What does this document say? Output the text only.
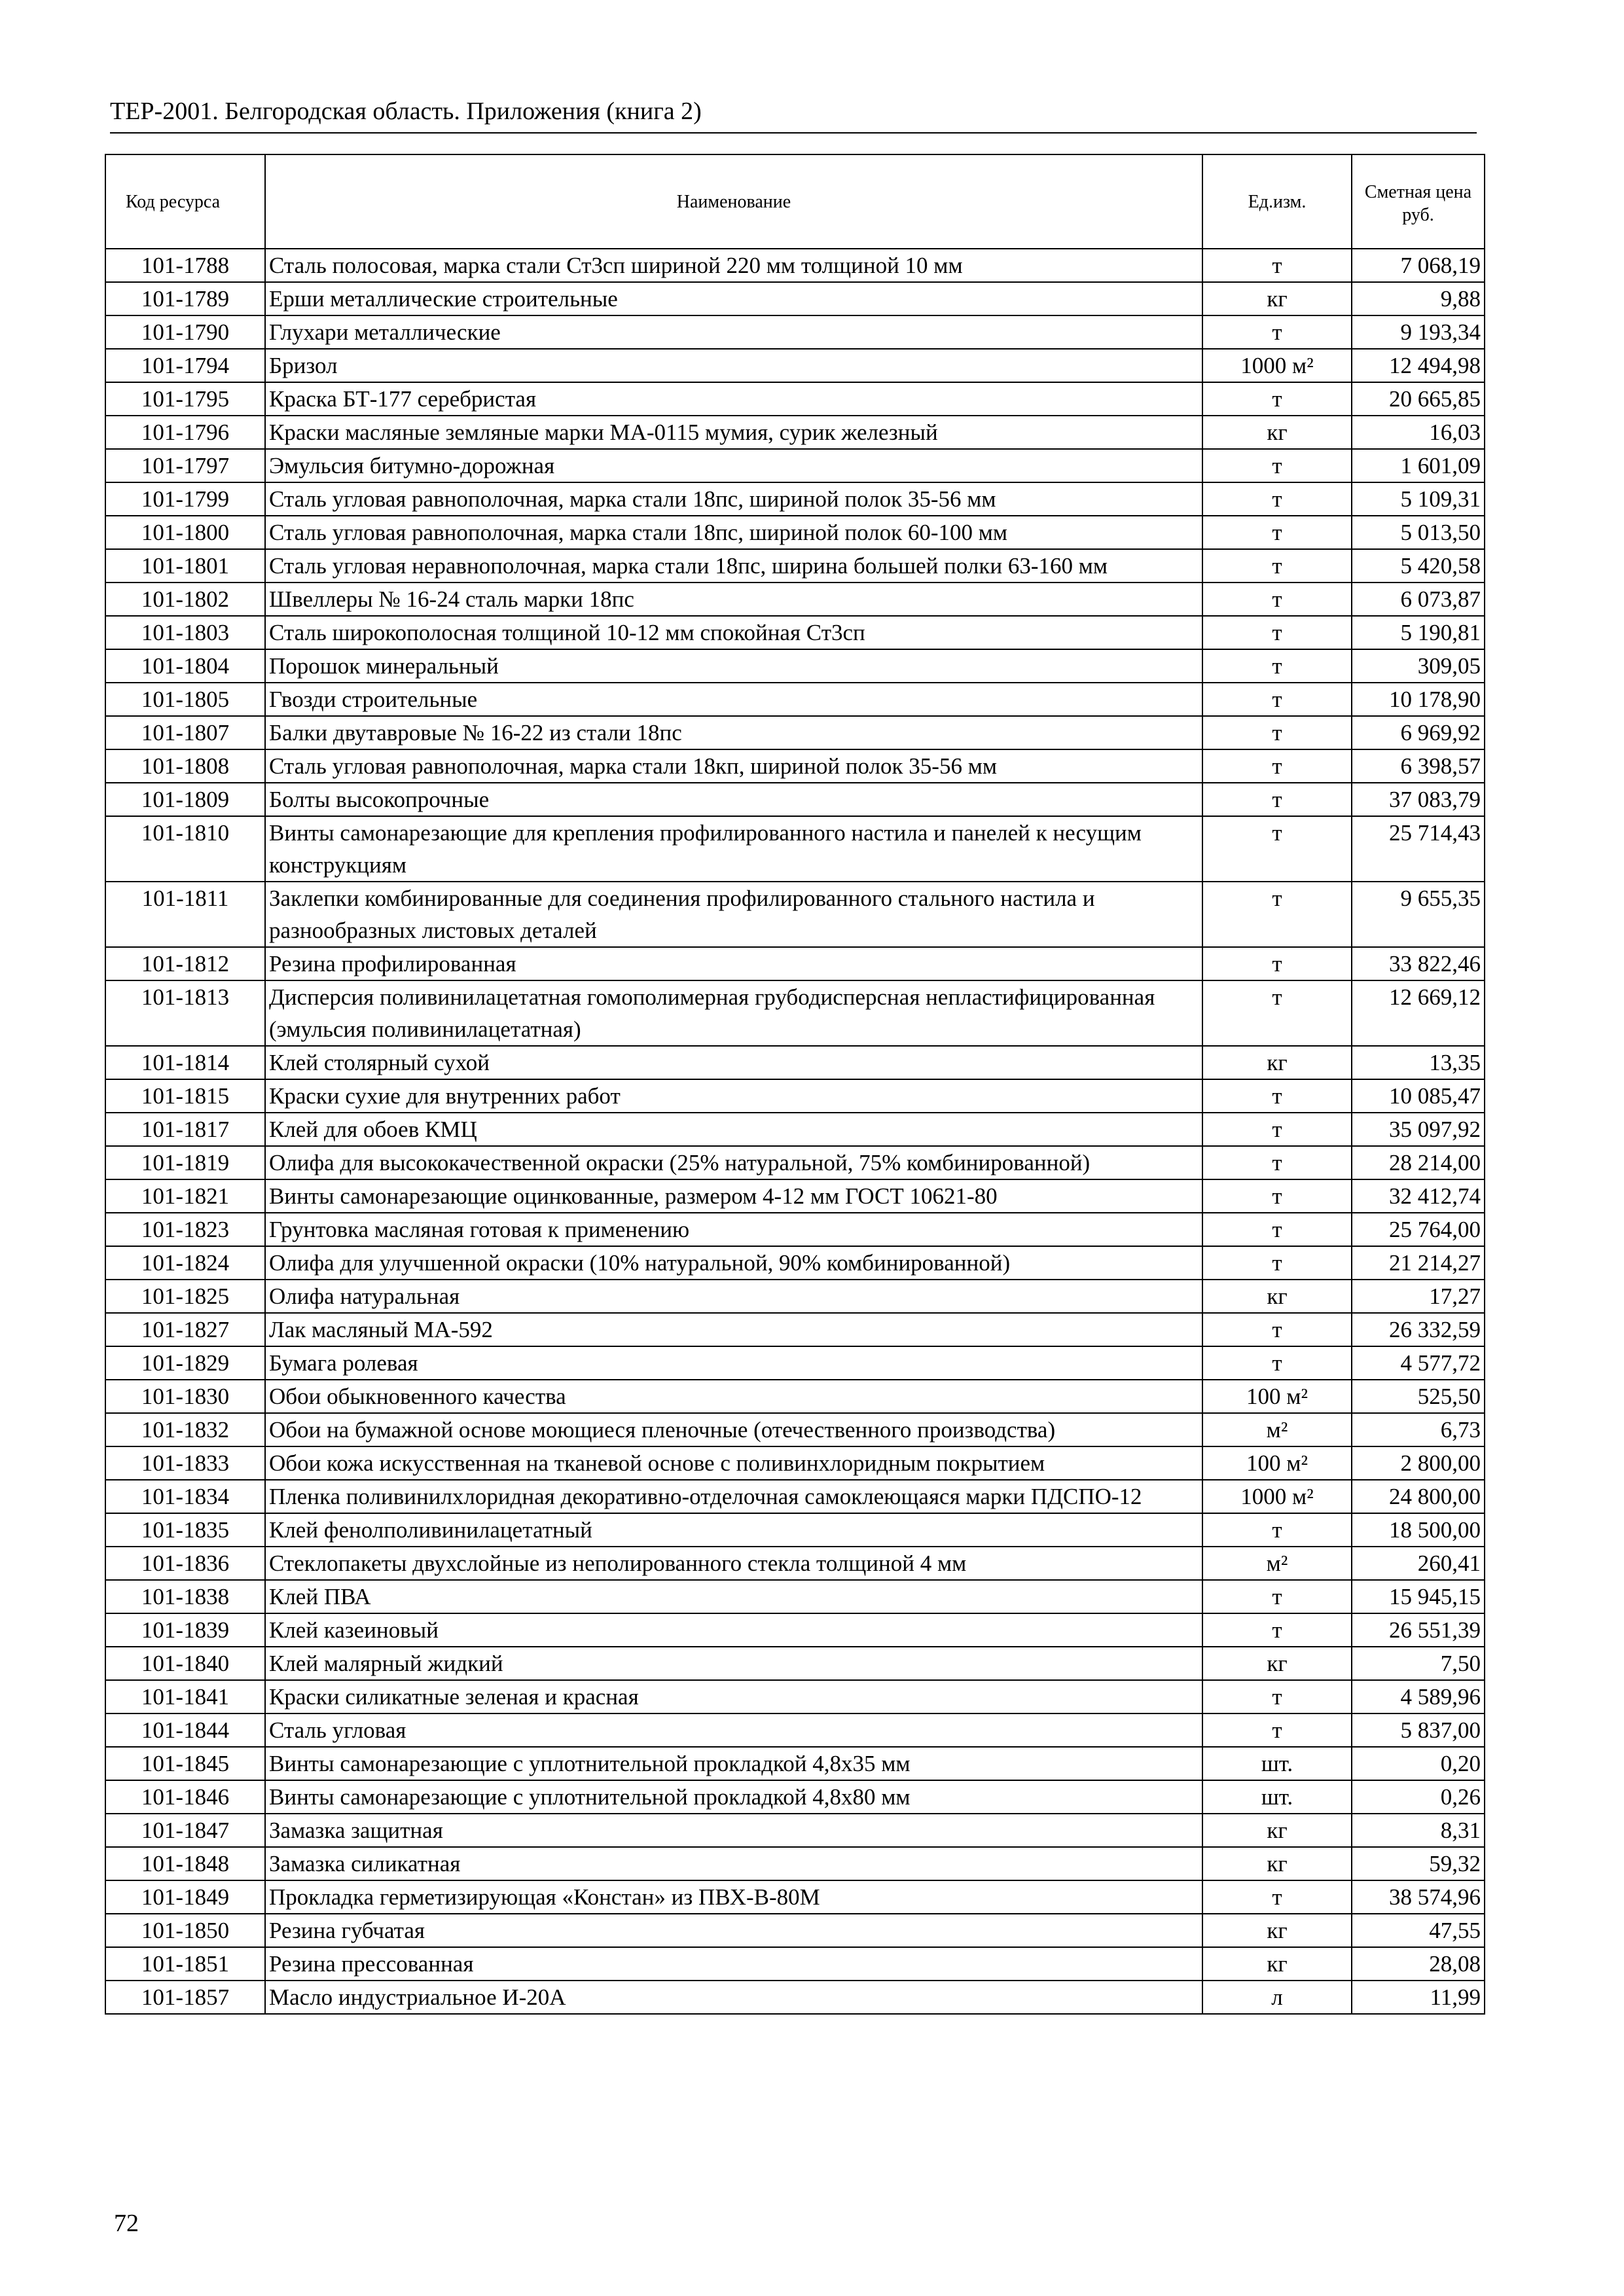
ТЕР-2001. Белгородская область. Приложения (книга 2)
Код ресурса	Наименование	Ед.изм.	Сметная цена руб.
101-1788	Сталь полосовая, марка стали Ст3сп шириной 220 мм толщиной 10 мм	т	7 068,19
101-1789	Ерши металлические строительные	кг	9,88
101-1790	Глухари металлические	т	9 193,34
101-1794	Бризол	1000 м²	12 494,98
101-1795	Краска БТ-177 серебристая	т	20 665,85
101-1796	Краски масляные земляные марки МА-0115 мумия, сурик железный	кг	16,03
101-1797	Эмульсия битумно-дорожная	т	1 601,09
101-1799	Сталь угловая равнополочная, марка стали 18пс, шириной полок 35-56 мм	т	5 109,31
101-1800	Сталь угловая равнополочная, марка стали 18пс, шириной полок 60-100 мм	т	5 013,50
101-1801	Сталь угловая неравнополочная, марка стали 18пс, ширина большей полки 63-160 мм	т	5 420,58
101-1802	Швеллеры № 16-24 сталь марки 18пс	т	6 073,87
101-1803	Сталь широкополосная толщиной 10-12 мм спокойная Ст3сп	т	5 190,81
101-1804	Порошок минеральный	т	309,05
101-1805	Гвозди строительные	т	10 178,90
101-1807	Балки двутавровые № 16-22 из стали 18пс	т	6 969,92
101-1808	Сталь угловая равнополочная, марка стали 18кп, шириной полок 35-56 мм	т	6 398,57
101-1809	Болты высокопрочные	т	37 083,79
101-1810	Винты самонарезающие для крепления профилированного настила и панелей к несущим конструкциям	т	25 714,43
101-1811	Заклепки комбинированные для соединения профилированного стального настила и разнообразных листовых деталей	т	9 655,35
101-1812	Резина профилированная	т	33 822,46
101-1813	Дисперсия поливинилацетатная гомополимерная грубодисперсная непластифицированная (эмульсия поливинилацетатная)	т	12 669,12
101-1814	Клей столярный сухой	кг	13,35
101-1815	Краски сухие для внутренних работ	т	10 085,47
101-1817	Клей для обоев КМЦ	т	35 097,92
101-1819	Олифа для высококачественной окраски (25% натуральной, 75% комбинированной)	т	28 214,00
101-1821	Винты самонарезающие оцинкованные, размером 4-12 мм ГОСТ 10621-80	т	32 412,74
101-1823	Грунтовка масляная готовая к применению	т	25 764,00
101-1824	Олифа для улучшенной окраски (10% натуральной, 90% комбинированной)	т	21 214,27
101-1825	Олифа натуральная	кг	17,27
101-1827	Лак масляный МА-592	т	26 332,59
101-1829	Бумага ролевая	т	4 577,72
101-1830	Обои обыкновенного качества	100 м²	525,50
101-1832	Обои на бумажной основе моющиеся пленочные (отечественного производства)	м²	6,73
101-1833	Обои кожа искусственная на тканевой основе с поливинхлоридным покрытием	100 м²	2 800,00
101-1834	Пленка поливинилхлоридная декоративно-отделочная самоклеющаяся марки ПДСПО-12	1000 м²	24 800,00
101-1835	Клей фенолполивинилацетатный	т	18 500,00
101-1836	Стеклопакеты двухслойные из неполированного стекла толщиной 4 мм	м²	260,41
101-1838	Клей ПВА	т	15 945,15
101-1839	Клей казеиновый	т	26 551,39
101-1840	Клей малярный жидкий	кг	7,50
101-1841	Краски силикатные зеленая и красная	т	4 589,96
101-1844	Сталь угловая	т	5 837,00
101-1845	Винты самонарезающие с уплотнительной прокладкой 4,8х35 мм	шт.	0,20
101-1846	Винты самонарезающие с уплотнительной прокладкой 4,8х80 мм	шт.	0,26
101-1847	Замазка защитная	кг	8,31
101-1848	Замазка силикатная	кг	59,32
101-1849	Прокладка герметизирующая «Констан» из ПВХ-В-80М	т	38 574,96
101-1850	Резина губчатая	кг	47,55
101-1851	Резина прессованная	кг	28,08
101-1857	Масло индустриальное И-20А	л	11,99
72
